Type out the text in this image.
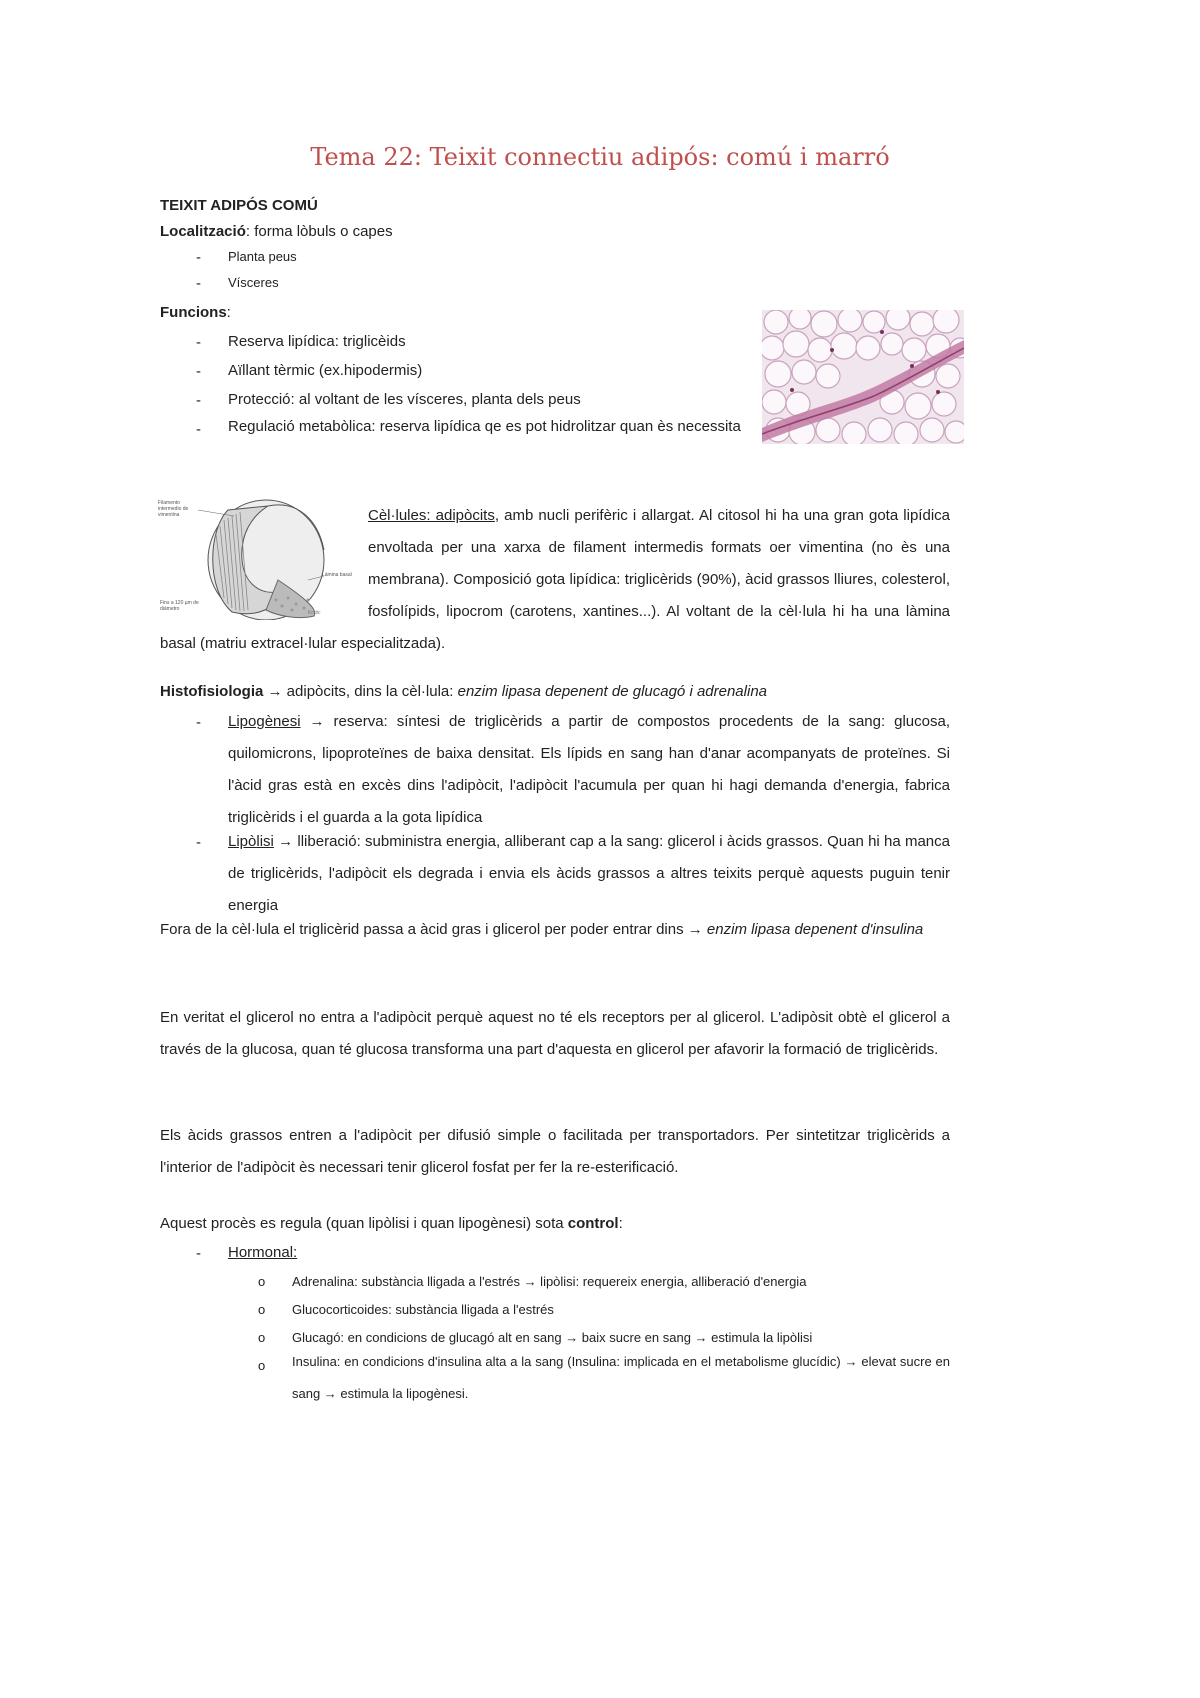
Tema 22: Teixit connectiu adipós: comú i marró
TEIXIT ADIPÓS COMÚ
Localització: forma lòbuls o capes
- Planta peus
- Vísceres
Funcions:
- Reserva lipídica: triglicèids
- Aïllant tèrmic (ex.hipodermis)
- Protecció: al voltant de les vísceres, planta dels peus
- Regulació metabòlica: reserva lipídica qe es pot hidrolitzar quan ès necessita
Filamento intermedio de vimentina
Lámina basal
Fins a 120 µm de diámetro
Krstic
Cèl·lules: adipòcits, amb nucli perifèric i allargat. Al citosol hi ha una gran gota lipídica envoltada per una xarxa de filament intermedis formats oer vimentina (no ès una membrana). Composició gota lipídica: triglicèrids (90%), àcid grassos lliures, colesterol, fosfolípids, lipocrom (carotens, xantines...). Al voltant de la cèl·lula hi ha una làmina basal (matriu extracel·lular especialitzada).
Histofisiologia → adipòcits, dins la cèl·lula: enzim lipasa depenent de glucagó i adrenalina
- Lipogènesi → reserva: síntesi de triglicèrids a partir de compostos procedents de la sang: glucosa, quilomicrons, lipoproteïnes de baixa densitat. Els lípids en sang han d'anar acompanyats de proteïnes. Si l'àcid gras està en excès dins l'adipòcit, l'adipòcit l'acumula per quan hi hagi demanda d'energia, fabrica triglicèrids i el guarda a la gota lipídica
- Lipòlisi → lliberació: subministra energia, alliberant cap a la sang: glicerol i àcids grassos. Quan hi ha manca de triglicèrids, l'adipòcit els degrada i envia els àcids grassos a altres teixits perquè aquests puguin tenir energia
Fora de la cèl·lula el triglicèrid passa a àcid gras i glicerol per poder entrar dins → enzim lipasa depenent d'insulina
En veritat el glicerol no entra a l'adipòcit perquè aquest no té els receptors per al glicerol. L'adipòsit obtè el glicerol a través de la glucosa, quan té glucosa transforma una part d'aquesta en glicerol per afavorir la formació de triglicèrids.
Els àcids grassos entren a l'adipòcit per difusió simple o facilitada per transportadors. Per sintetitzar triglicèrids a l'interior de l'adipòcit ès necessari tenir glicerol fosfat per fer la re-esterificació.
Aquest procès es regula (quan lipòlisi i quan lipogènesi) sota control:
- Hormonal:
o Adrenalina: substància lligada a l'estrés → lipòlisi: requereix energia, alliberació d'energia
o Glucocorticoides: substància lligada a l'estrés
o Glucagó: en condicions de glucagó alt en sang → baix sucre en sang → estimula la lipòlisi
o Insulina: en condicions d'insulina alta a la sang (Insulina: implicada en el metabolisme glucídic) → elevat sucre en sang → estimula la lipogènesi.
